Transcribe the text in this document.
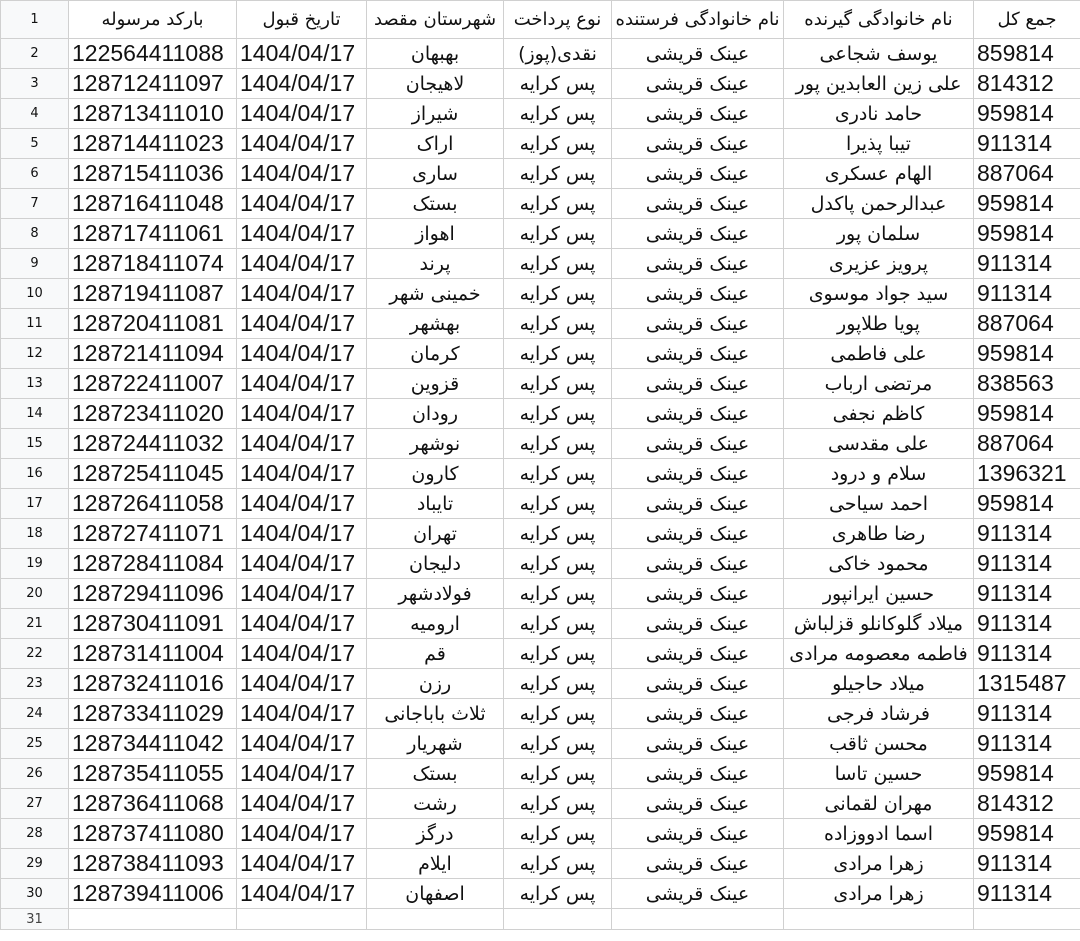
1	بارکد مرسوله	تاریخ قبول	شهرستان مقصد	نوع پرداخت	نام خانوادگی فرستنده	نام خانوادگی گیرنده	جمع کل
2	122564411088	1404/04/17	بهبهان	نقدی(پوز)	عینک قریشی	یوسف شجاعی	859814
3	128712411097	1404/04/17	لاهیجان	پس کرایه	عینک قریشی	علی زین العابدین پور	814312
4	128713411010	1404/04/17	شیراز	پس کرایه	عینک قریشی	حامد نادری	959814
5	128714411023	1404/04/17	اراک	پس کرایه	عینک قریشی	تیبا پذیرا	911314
6	128715411036	1404/04/17	ساری	پس کرایه	عینک قریشی	الهام عسکری	887064
7	128716411048	1404/04/17	بستک	پس کرایه	عینک قریشی	عبدالرحمن پاکدل	959814
8	128717411061	1404/04/17	اهواز	پس کرایه	عینک قریشی	سلمان پور	959814
9	128718411074	1404/04/17	پرند	پس کرایه	عینک قریشی	پرویز عزیری	911314
10	128719411087	1404/04/17	خمینی شهر	پس کرایه	عینک قریشی	سید جواد موسوی	911314
11	128720411081	1404/04/17	بهشهر	پس کرایه	عینک قریشی	پویا طلاپور	887064
12	128721411094	1404/04/17	کرمان	پس کرایه	عینک قریشی	علی فاطمی	959814
13	128722411007	1404/04/17	قزوین	پس کرایه	عینک قریشی	مرتضی ارباب	838563
14	128723411020	1404/04/17	رودان	پس کرایه	عینک قریشی	کاظم نجفی	959814
15	128724411032	1404/04/17	نوشهر	پس کرایه	عینک قریشی	علی مقدسی	887064
16	128725411045	1404/04/17	کارون	پس کرایه	عینک قریشی	سلام و درود	1396321
17	128726411058	1404/04/17	تایباد	پس کرایه	عینک قریشی	احمد سیاحی	959814
18	128727411071	1404/04/17	تهران	پس کرایه	عینک قریشی	رضا طاهری	911314
19	128728411084	1404/04/17	دلیجان	پس کرایه	عینک قریشی	محمود خاکی	911314
20	128729411096	1404/04/17	فولادشهر	پس کرایه	عینک قریشی	حسین ایرانپور	911314
21	128730411091	1404/04/17	ارومیه	پس کرایه	عینک قریشی	میلاد گلوکانلو قزلباش	911314
22	128731411004	1404/04/17	قم	پس کرایه	عینک قریشی	فاطمه معصومه مرادی	911314
23	128732411016	1404/04/17	رزن	پس کرایه	عینک قریشی	میلاد حاجیلو	1315487
24	128733411029	1404/04/17	ثلاث باباجانی	پس کرایه	عینک قریشی	فرشاد فرجی	911314
25	128734411042	1404/04/17	شهریار	پس کرایه	عینک قریشی	محسن ثاقب	911314
26	128735411055	1404/04/17	بستک	پس کرایه	عینک قریشی	حسین تاسا	959814
27	128736411068	1404/04/17	رشت	پس کرایه	عینک قریشی	مهران لقمانی	814312
28	128737411080	1404/04/17	درگز	پس کرایه	عینک قریشی	اسما ادووزاده	959814
29	128738411093	1404/04/17	ایلام	پس کرایه	عینک قریشی	زهرا مرادی	911314
30	128739411006	1404/04/17	اصفهان	پس کرایه	عینک قریشی	زهرا مرادی	911314
31							
